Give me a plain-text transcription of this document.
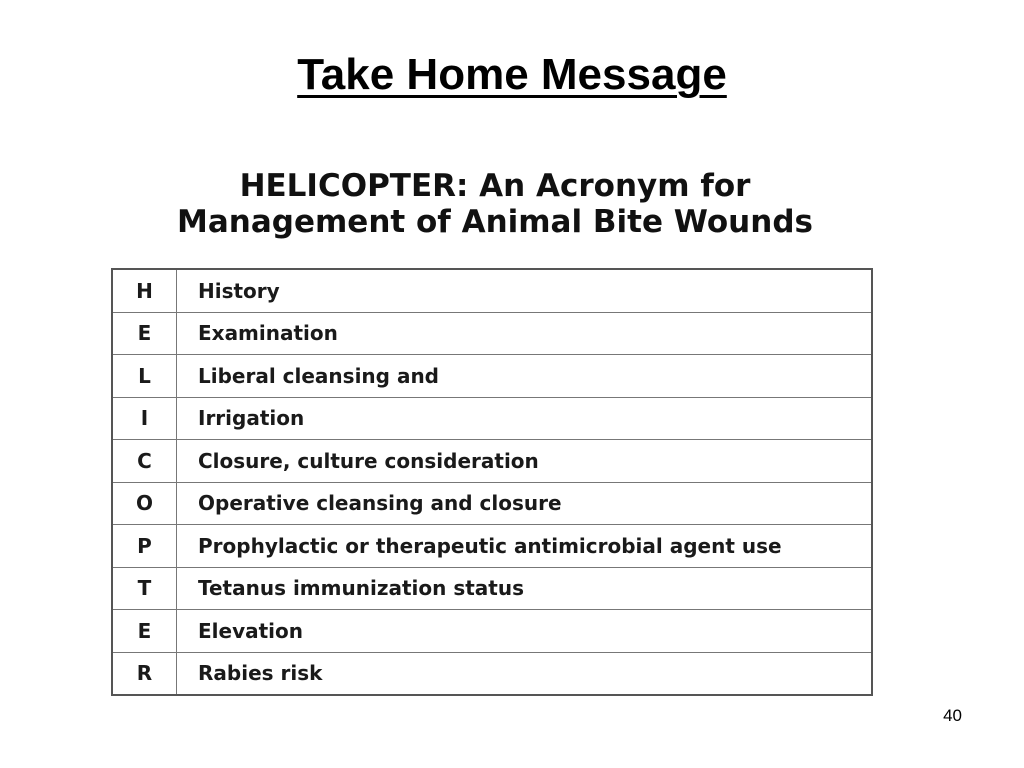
Take Home Message
HELICOPTER: An Acronym for
Management of Animal Bite Wounds
H	History
E	Examination
L	Liberal cleansing and
I	Irrigation
C	Closure, culture consideration
O	Operative cleansing and closure
P	Prophylactic or therapeutic antimicrobial agent use
T	Tetanus immunization status
E	Elevation
R	Rabies risk
40
